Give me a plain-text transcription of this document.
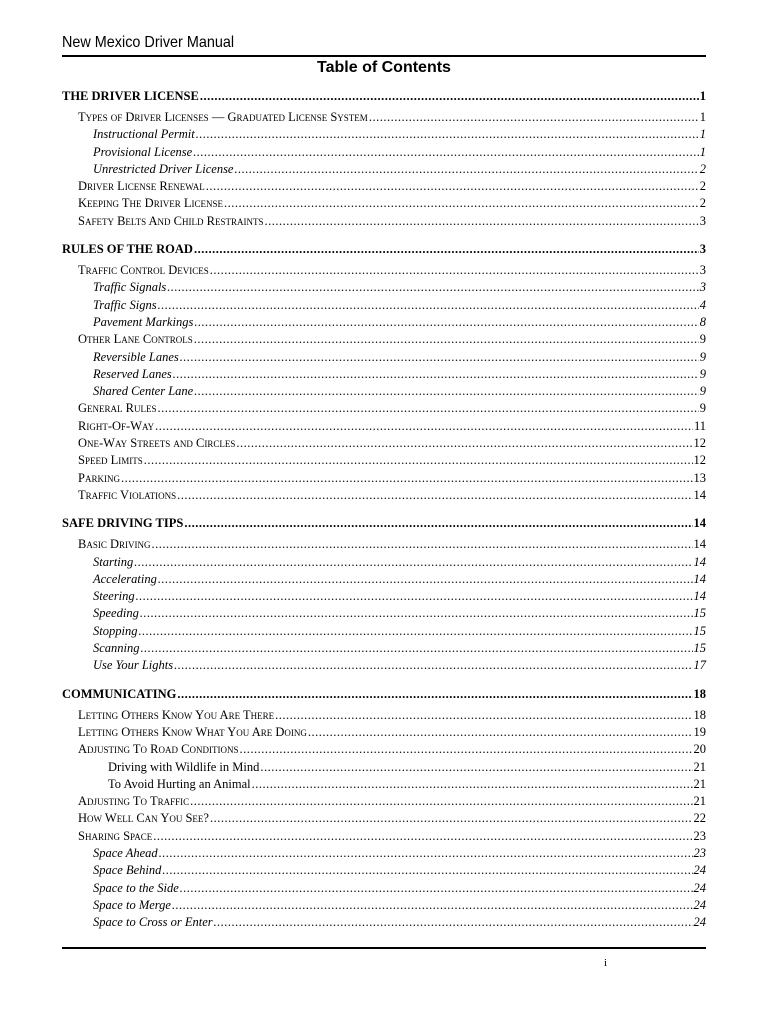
New Mexico Driver Manual
Table of Contents
THE DRIVER LICENSE .....	1
Types of Driver Licenses — Graduated License System .....	1
Instructional Permit .....	1
Provisional License .....	1
Unrestricted Driver License .....	2
Driver License Renewal .....	2
Keeping The Driver License .....	2
Safety Belts And Child Restraints .....	3
RULES OF THE ROAD .....	3
Traffic Control Devices .....	3
Traffic Signals .....	3
Traffic Signs .....	4
Pavement Markings .....	8
Other Lane Controls .....	9
Reversible Lanes .....	9
Reserved Lanes .....	9
Shared Center Lane .....	9
General Rules .....	9
Right-Of-Way .....	11
One-Way Streets and Circles .....	12
Speed Limits .....	12
Parking .....	13
Traffic Violations .....	14
SAFE DRIVING TIPS .....	14
Basic Driving .....	14
Starting .....	14
Accelerating .....	14
Steering .....	14
Speeding .....	15
Stopping .....	15
Scanning .....	15
Use Your Lights .....	17
COMMUNICATING .....	18
Letting Others Know You Are There .....	18
Letting Others Know What You Are Doing .....	19
Adjusting To Road Conditions .....	20
Driving with Wildlife in Mind .....	21
To Avoid Hurting an Animal .....	21
Adjusting To Traffic .....	21
How Well Can You See? .....	22
Sharing Space .....	23
Space Ahead .....	23
Space Behind .....	24
Space to the Side .....	24
Space to Merge .....	24
Space to Cross or Enter .....	24
i
